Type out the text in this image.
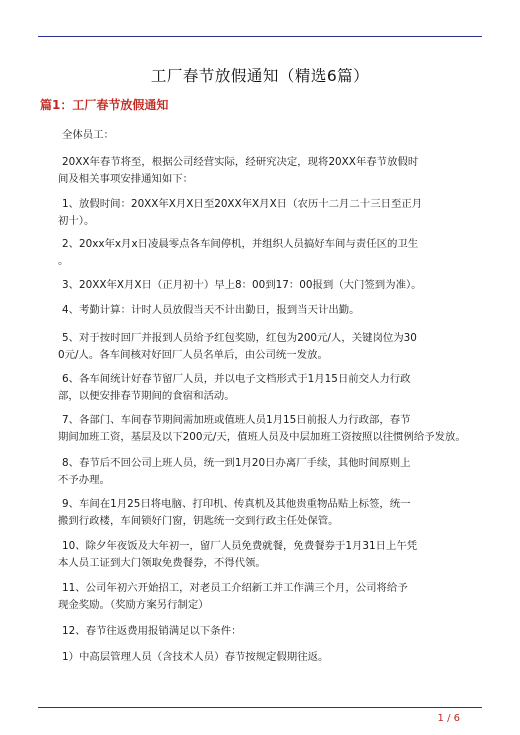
工厂春节放假通知（精选6篇）
篇1：工厂春节放假通知
全体员工：
20XX年春节将至，根据公司经营实际，经研究决定，现将20XX年春节放假时
间及相关事项安排通知如下：
1、放假时间：20XX年X月X日至20XX年X月X日（农历十二月二十三日至正月
初十）。
2、20xx年x月x日凌晨零点各车间停机，并组织人员搞好车间与责任区的卫生
。
3、20XX年X月X日（正月初十）早上8：00到17：00报到（大门签到为准）。
4、考勤计算：计时人员放假当天不计出勤日，报到当天计出勤。
5、对于按时回厂并报到人员给予红包奖励，红包为200元/人，关键岗位为30
0元/人。各车间核对好回厂人员名单后，由公司统一发放。
6、各车间统计好春节留厂人员，并以电子文档形式于1月15日前交人力行政
部，以便安排春节期间的食宿和活动。
7、各部门、车间春节期间需加班或值班人员1月15日前报人力行政部，春节
期间加班工资，基层及以下200元/天，值班人员及中层加班工资按照以往惯例给予发放。
8、春节后不回公司上班人员，统一到1月20日办离厂手续，其他时间原则上
不予办理。
9、车间在1月25日将电脑、打印机、传真机及其他贵重物品贴上标签，统一
搬到行政楼，车间锁好门窗，钥匙统一交到行政主任处保管。
10、除夕年夜饭及大年初一，留厂人员免费就餐，免费餐券于1月31日上午凭
本人员工证到大门领取免费餐券，不得代领。
11、公司年初六开始招工，对老员工介绍新工并工作满三个月，公司将给予
现金奖励。（奖励方案另行制定）
12、春节往返费用报销满足以下条件：
1）中高层管理人员（含技术人员）春节按规定假期往返。
1 / 6
